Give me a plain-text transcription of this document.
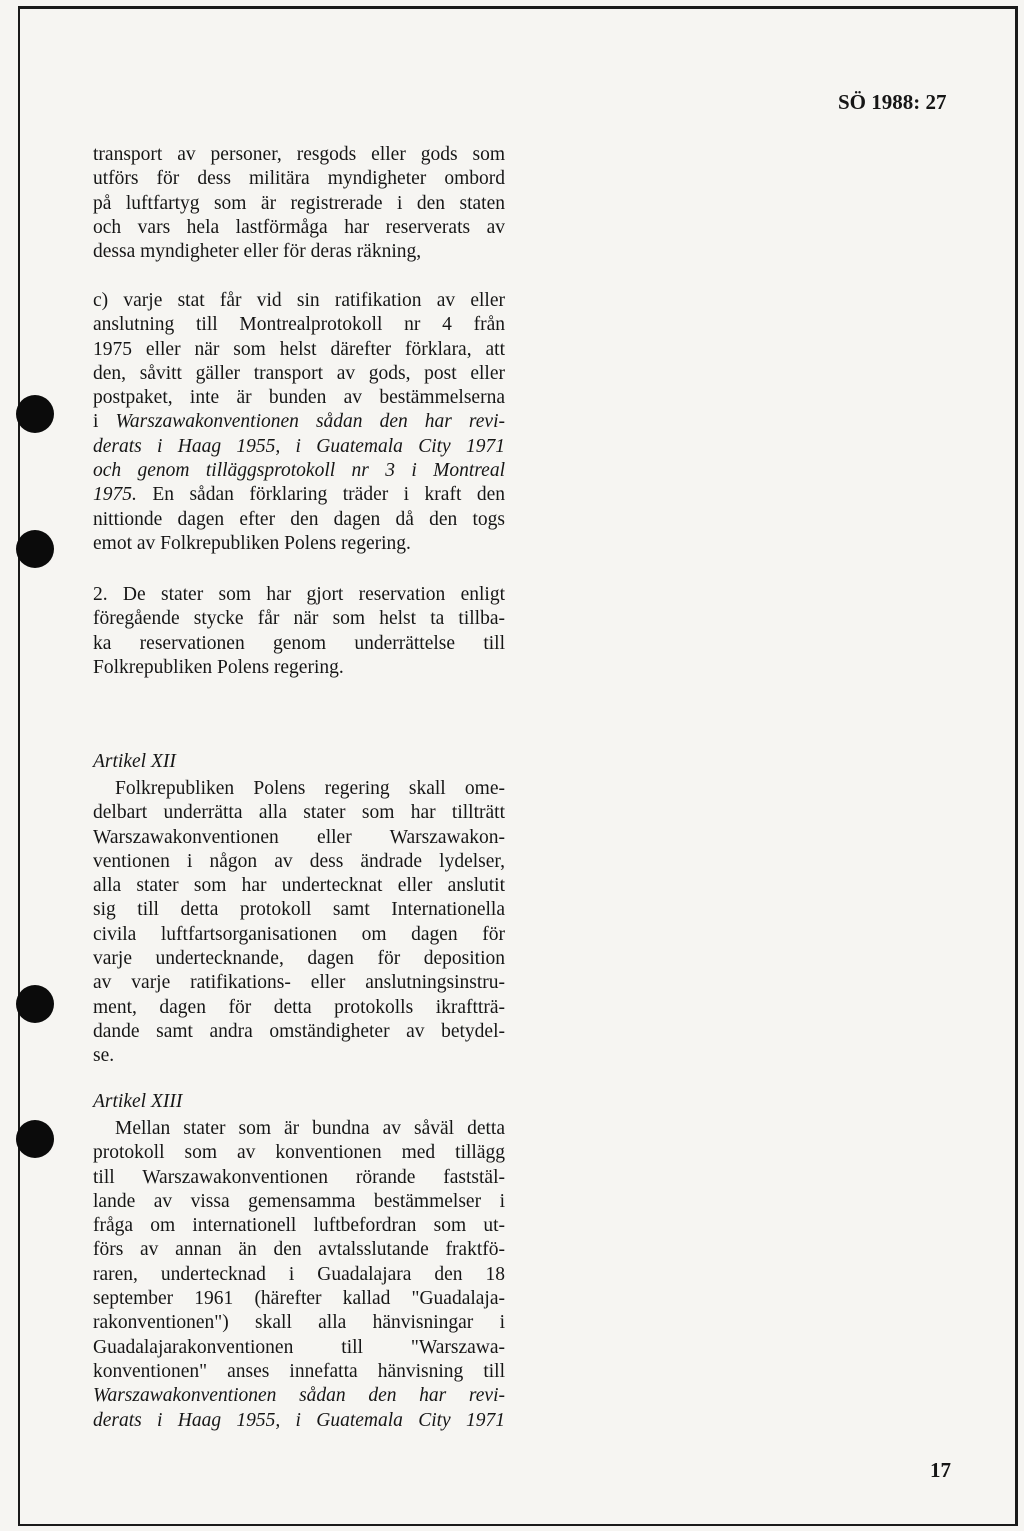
SÖ 1988: 27
transport av personer, resgods eller gods som
utförs för dess militära myndigheter ombord
på luftfartyg som är registrerade i den staten
och vars hela lastförmåga har reserverats av
dessa myndigheter eller för deras räkning,
c) varje stat får vid sin ratifikation av eller
anslutning till Montrealprotokoll nr 4 från
1975 eller när som helst därefter förklara, att
den, såvitt gäller transport av gods, post eller
postpaket, inte är bunden av bestämmelserna
i Warszawakonventionen sådan den har revi-
derats i Haag 1955, i Guatemala City 1971
och genom tilläggsprotokoll nr 3 i Montreal
1975. En sådan förklaring träder i kraft den
nittionde dagen efter den dagen då den togs
emot av Folkrepubliken Polens regering.
2. De stater som har gjort reservation enligt
föregående stycke får när som helst ta tillba-
ka reservationen genom underrättelse till
Folkrepubliken Polens regering.
Artikel XII
Folkrepubliken Polens regering skall ome-
delbart underrätta alla stater som har tillträtt
Warszawakonventionen eller Warszawakon-
ventionen i någon av dess ändrade lydelser,
alla stater som har undertecknat eller anslutit
sig till detta protokoll samt Internationella
civila luftfartsorganisationen om dagen för
varje undertecknande, dagen för deposition
av varje ratifikations- eller anslutningsinstru-
ment, dagen för detta protokolls ikraftträ-
dande samt andra omständigheter av betydel-
se.
Artikel XIII
Mellan stater som är bundna av såväl detta
protokoll som av konventionen med tillägg
till Warszawakonventionen rörande faststäl-
lande av vissa gemensamma bestämmelser i
fråga om internationell luftbefordran som ut-
förs av annan än den avtalsslutande fraktfö-
raren, undertecknad i Guadalajara den 18
september 1961 (härefter kallad "Guadalaja-
rakonventionen") skall alla hänvisningar i
Guadalajarakonventionen till "Warszawa-
konventionen" anses innefatta hänvisning till
Warszawakonventionen sådan den har revi-
derats i Haag 1955, i Guatemala City 1971
17
